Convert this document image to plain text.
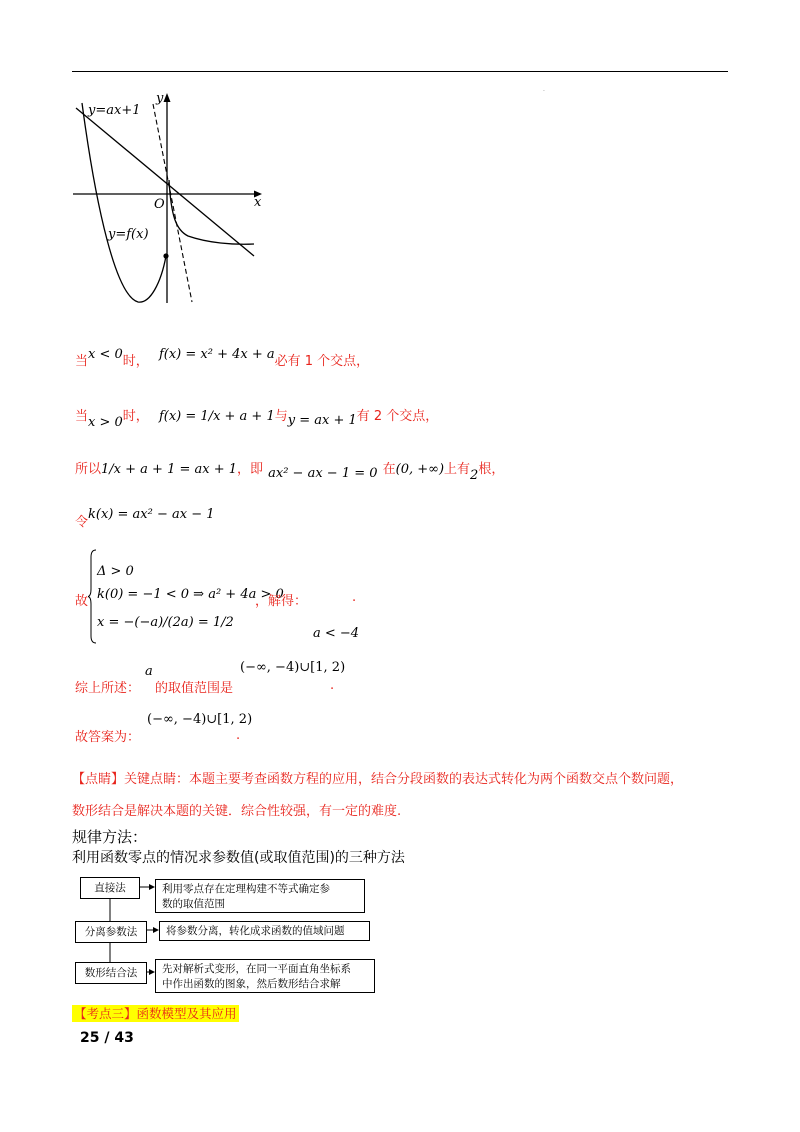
.
y=ax+1
y=f(x)
x
y
O
当$^{x < 0}$时， $^{f(x) = x^2 + 4x + a}$必有 1 个交点，
当$_{x > 0}$时， f(x) = 1/x + a + 1与$_{y = ax + 1}$有 2 个交点，
所以1/x + a + 1 = ax + 1，即 $_{ax^2 - ax - 1 = 0}$ 在(0, +∞)上有$_2$根，
$_令$k(x) = ax² − ax − 1
故
Δ > 0
k(0) = −1 < 0 ⇒ a² + 4a > 0
x = −(−a)/(2a) = 1/2
，解得：	.
a < −4
综上所述：
a
的取值范围是
(−∞, −4)∪[1, 2)
.
故答案为：
(−∞, −4)∪[1, 2)
.
【点睛】关键点睛：本题主要考查函数方程的应用，结合分段函数的表达式转化为两个函数交点个数问题，
数形结合是解决本题的关键．综合性较强，有一定的难度.
规律方法：
利用函数零点的情况求参数值(或取值范围)的三种方法
直接法	利用零点存在定理构建不等式确定参
数的取值范围
分离参数法	将参数分离，转化成求函数的值域问题
数形结合法	先对解析式变形，在同一平面直角坐标系
中作出函数的图象，然后数形结合求解
【考点三】函数模型及其应用
25 / 43
